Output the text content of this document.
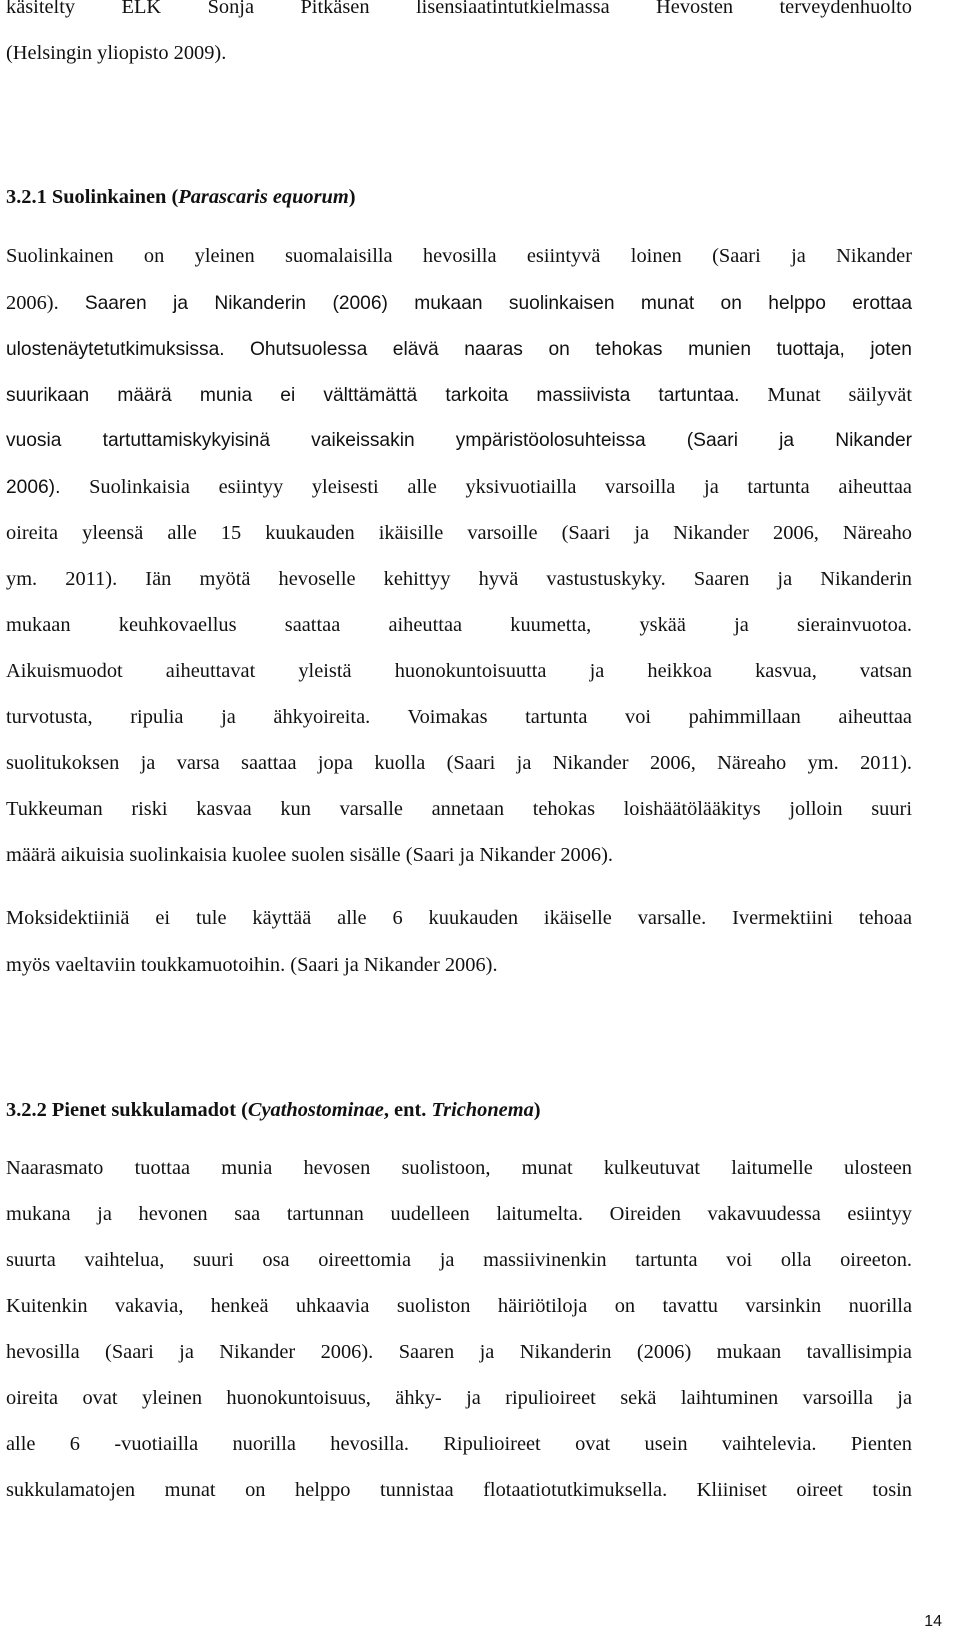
käsitelty ELK Sonja Pitkäsen lisensiaatintutkielmassa Hevosten terveydenhuolto
(Helsingin yliopisto 2009).
3.2.1 Suolinkainen (Parascaris equorum)
Suolinkainen on yleinen suomalaisilla hevosilla esiintyvä loinen (Saari ja Nikander
2006). Saaren ja Nikanderin (2006) mukaan suolinkaisen munat on helppo erottaa
ulostenäytetutkimuksissa. Ohutsuolessa elävä naaras on tehokas munien tuottaja, joten
suurikaan määrä munia ei välttämättä tarkoita massiivista tartuntaa. Munat säilyvät
vuosia tartuttamiskykyisinä vaikeissakin ympäristöolosuhteissa (Saari ja Nikander
2006). Suolinkaisia esiintyy yleisesti alle yksivuotiailla varsoilla ja tartunta aiheuttaa
oireita yleensä alle 15 kuukauden ikäisille varsoille (Saari ja Nikander 2006, Näreaho
ym. 2011). Iän myötä hevoselle kehittyy hyvä vastustuskyky. Saaren ja Nikanderin
mukaan keuhkovaellus saattaa aiheuttaa kuumetta, yskää ja sierainvuotoa.
Aikuismuodot aiheuttavat yleistä huonokuntoisuutta ja heikkoa kasvua, vatsan
turvotusta, ripulia ja ähkyoireita. Voimakas tartunta voi pahimmillaan aiheuttaa
suolitukoksen ja varsa saattaa jopa kuolla (Saari ja Nikander 2006, Näreaho ym. 2011).
Tukkeuman riski kasvaa kun varsalle annetaan tehokas loishäätölääkitys jolloin suuri
määrä aikuisia suolinkaisia kuolee suolen sisälle (Saari ja Nikander 2006).
Moksidektiiniä ei tule käyttää alle 6 kuukauden ikäiselle varsalle. Ivermektiini tehoaa
myös vaeltaviin toukkamuotoihin. (Saari ja Nikander 2006).
3.2.2 Pienet sukkulamadot (Cyathostominae, ent. Trichonema)
Naarasmato tuottaa munia hevosen suolistoon, munat kulkeutuvat laitumelle ulosteen
mukana ja hevonen saa tartunnan uudelleen laitumelta. Oireiden vakavuudessa esiintyy
suurta vaihtelua, suuri osa oireettomia ja massiivinenkin tartunta voi olla oireeton.
Kuitenkin vakavia, henkeä uhkaavia suoliston häiriötiloja on tavattu varsinkin nuorilla
hevosilla (Saari ja Nikander 2006). Saaren ja Nikanderin (2006) mukaan tavallisimpia
oireita ovat yleinen huonokuntoisuus, ähky- ja ripulioireet sekä laihtuminen varsoilla ja
alle 6 -vuotiailla nuorilla hevosilla. Ripulioireet ovat usein vaihtelevia. Pienten
sukkulamatojen munat on helppo tunnistaa flotaatiotutkimuksella. Kliiniset oireet tosin
14
